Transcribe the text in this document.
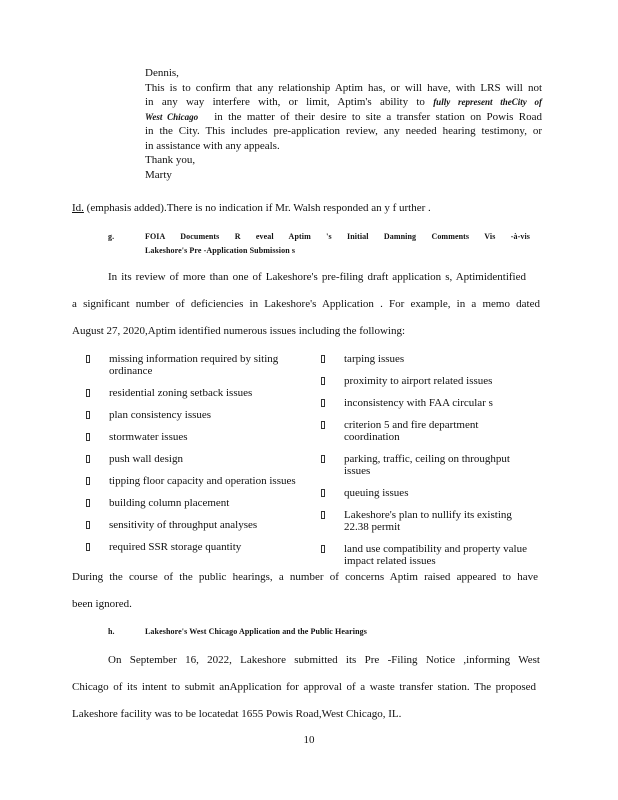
Dennis,
This is to confirm that any relationship Aptim has, or will have, with LRS will not
in any way interfere with, or limit, Aptim's ability to fully represent theCity of
West Chicago in the matter of their desire to site a transfer station on Powis Road
in the City. This includes pre-application review, any needed hearing testimony, or
in assistance with any appeals.
Thank you,
Marty
Id. (emphasis added).There is no indication if Mr. Walsh responded an y f urther .
g.	FOIA Documents R eveal Aptim 's Initial Damning Comments Vis -à-vis
Lakeshore's Pre -Application Submission s
In its review of more than one of Lakeshore's pre-filing draft application s, Aptimidentified
a significant number of deficiencies in Lakeshore's Application . For example, in a memo dated
August 27, 2020,Aptim identified numerous issues including the following:
missing information required by siting ordinance
residential zoning setback issues
plan consistency issues
stormwater issues
push wall design
tipping floor capacity and operation issues
building column placement
sensitivity of throughput analyses
required SSR storage quantity
tarping issues
proximity to airport related issues
inconsistency with FAA circular s
criterion 5 and fire department coordination
parking, traffic, ceiling on throughput issues
queuing issues
Lakeshore's plan to nullify its existing 22.38 permit
land use compatibility and property value impact related issues
During the course of the public hearings, a number of concerns Aptim raised appeared to have
been ignored.
h.	Lakeshore's West Chicago Application and the Public Hearings
On September 16, 2022, Lakeshore submitted its Pre -Filing Notice ,informing West
Chicago of its intent to submit anApplication for approval of a waste transfer station. The proposed
Lakeshore facility was to be locatedat 1655 Powis Road,West Chicago, IL.
10
